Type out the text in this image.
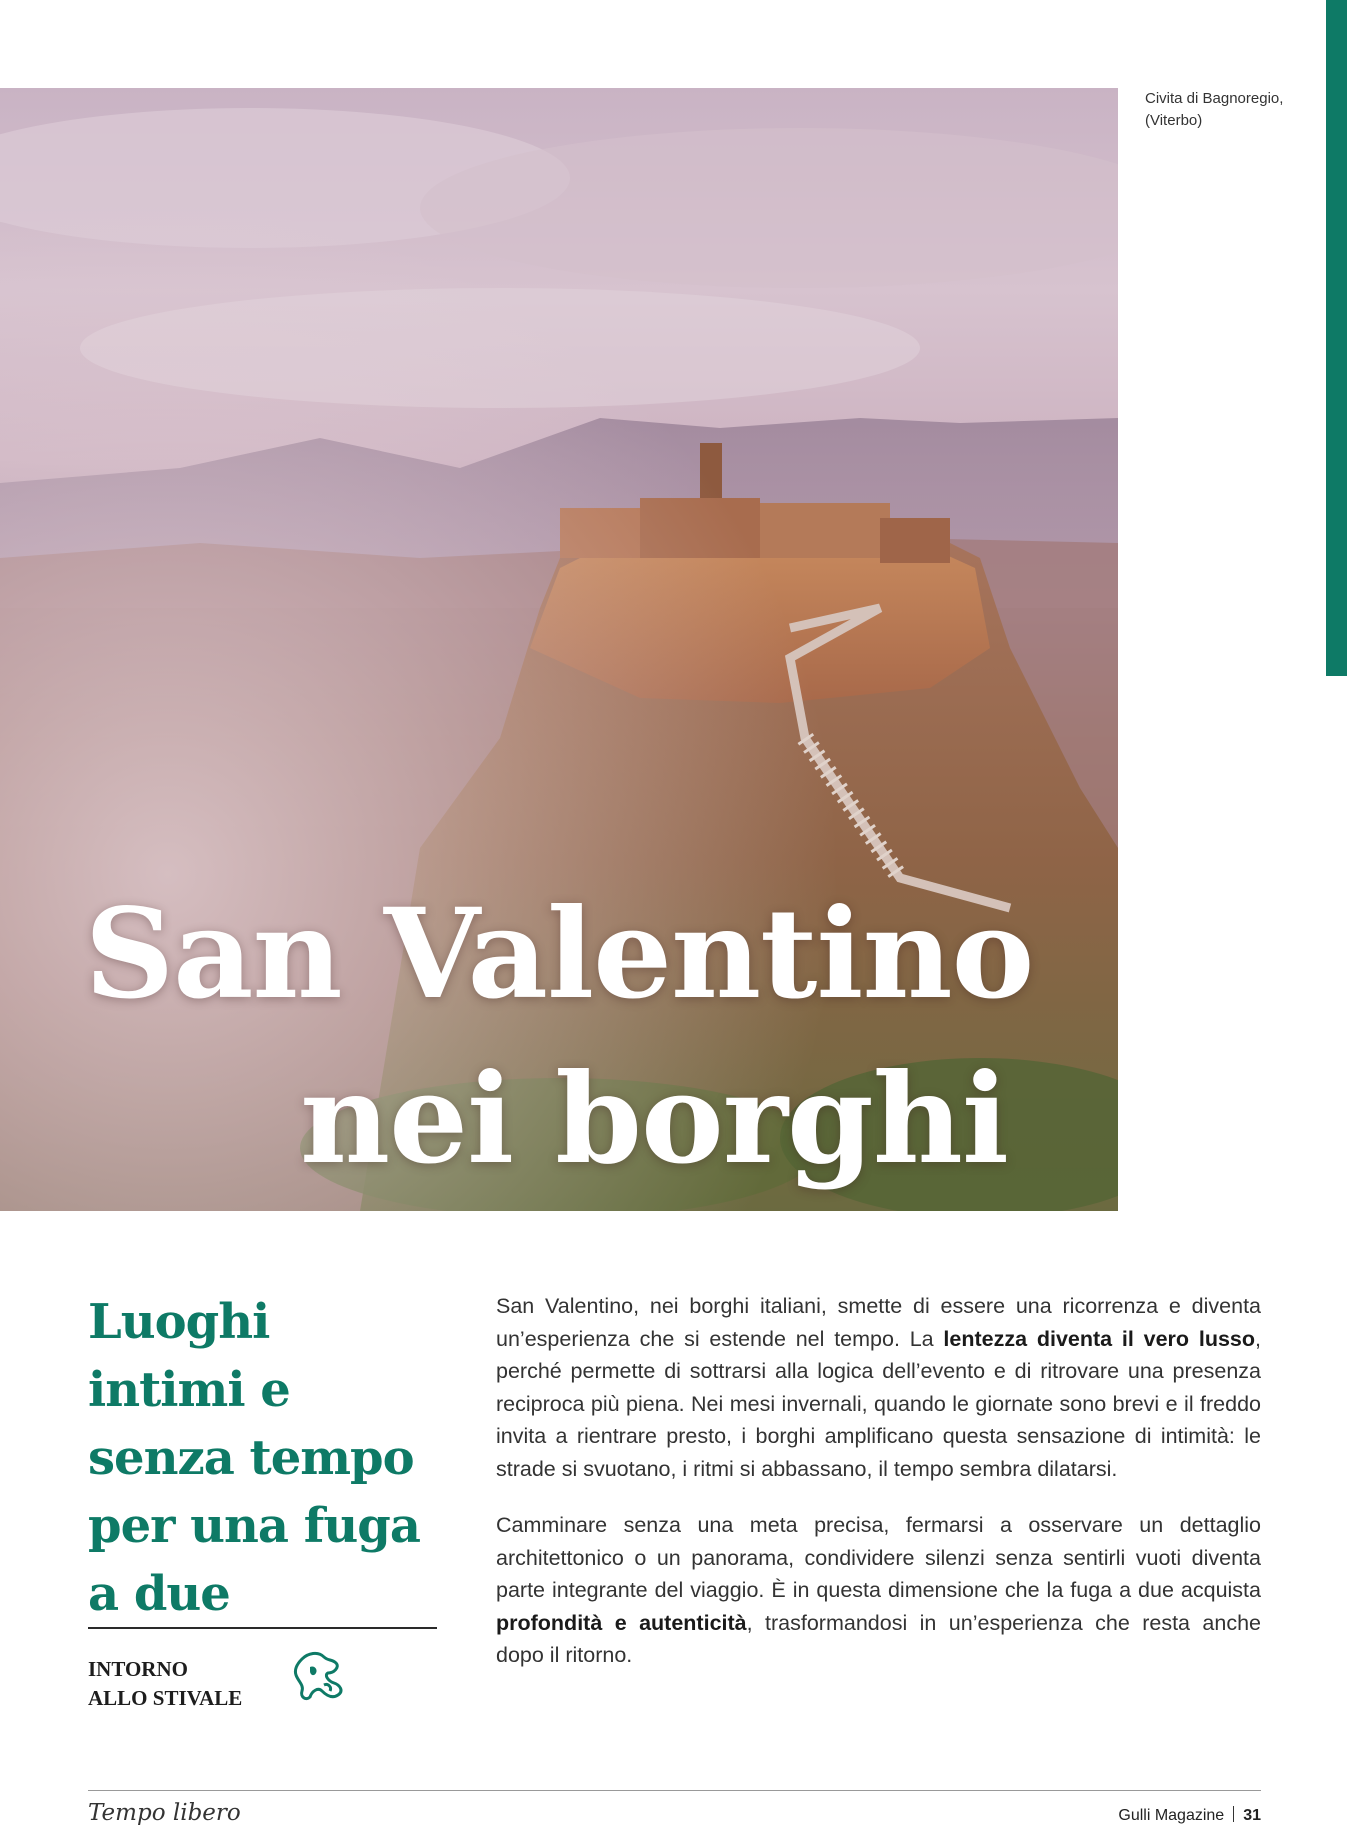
San Valentino
nei borghi
Civita di Bagnoregio, (Viterbo)
Luoghi
intimi e
senza tempo
per una fuga
a due
INTORNO
ALLO STIVALE

San Valentino, nei borghi italiani, smette di essere una ricorrenza e diventa un’esperienza che si estende nel tempo. La lentezza diventa il vero lusso, perché permette di sottrarsi alla logica dell’evento e di ritrovare una presenza reciproca più piena. Nei mesi invernali, quando le giornate sono brevi e il freddo invita a rientrare presto, i borghi amplificano questa sensazione di intimità: le strade si svuotano, i ritmi si abbassano, il tempo sembra dilatarsi.

Camminare senza una meta precisa, fermarsi a osservare un dettaglio architettonico o un panorama, condividere silenzi senza sentirli vuoti diventa parte integrante del viaggio. È in questa dimensione che la fuga a due acquista profondità e autenticità, trasformandosi in un’esperienza che resta anche dopo il ritorno.

Tempo libero	Gulli Magazine 31
